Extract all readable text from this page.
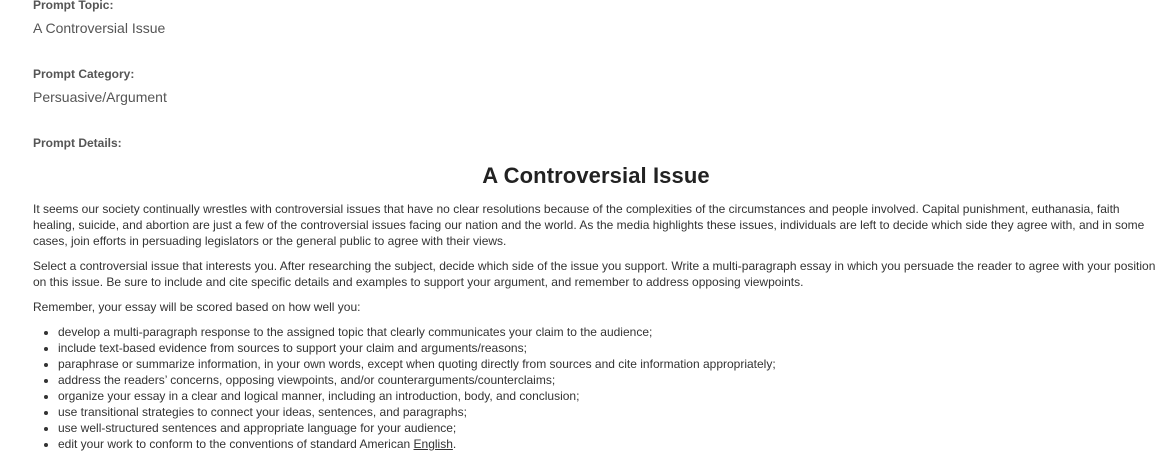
Prompt Topic:

A Controversial Issue

Prompt Category:

Persuasive/Argument

Prompt Details:

A Controversial Issue

It seems our society continually wrestles with controversial issues that have no clear resolutions because of the complexities of the circumstances and people involved. Capital punishment, euthanasia, faith healing, suicide, and abortion are just a few of the controversial issues facing our nation and the world. As the media highlights these issues, individuals are left to decide which side they agree with, and in some cases, join efforts in persuading legislators or the general public to agree with their views.

Select a controversial issue that interests you. After researching the subject, decide which side of the issue you support. Write a multi-paragraph essay in which you persuade the reader to agree with your position on this issue. Be sure to include and cite specific details and examples to support your argument, and remember to address opposing viewpoints.

Remember, your essay will be scored based on how well you:

• develop a multi-paragraph response to the assigned topic that clearly communicates your claim to the audience;
• include text-based evidence from sources to support your claim and arguments/reasons;
• paraphrase or summarize information, in your own words, except when quoting directly from sources and cite information appropriately;
• address the readers’ concerns, opposing viewpoints, and/or counterarguments/counterclaims;
• organize your essay in a clear and logical manner, including an introduction, body, and conclusion;
• use transitional strategies to connect your ideas, sentences, and paragraphs;
• use well-structured sentences and appropriate language for your audience;
• edit your work to conform to the conventions of standard American English.
